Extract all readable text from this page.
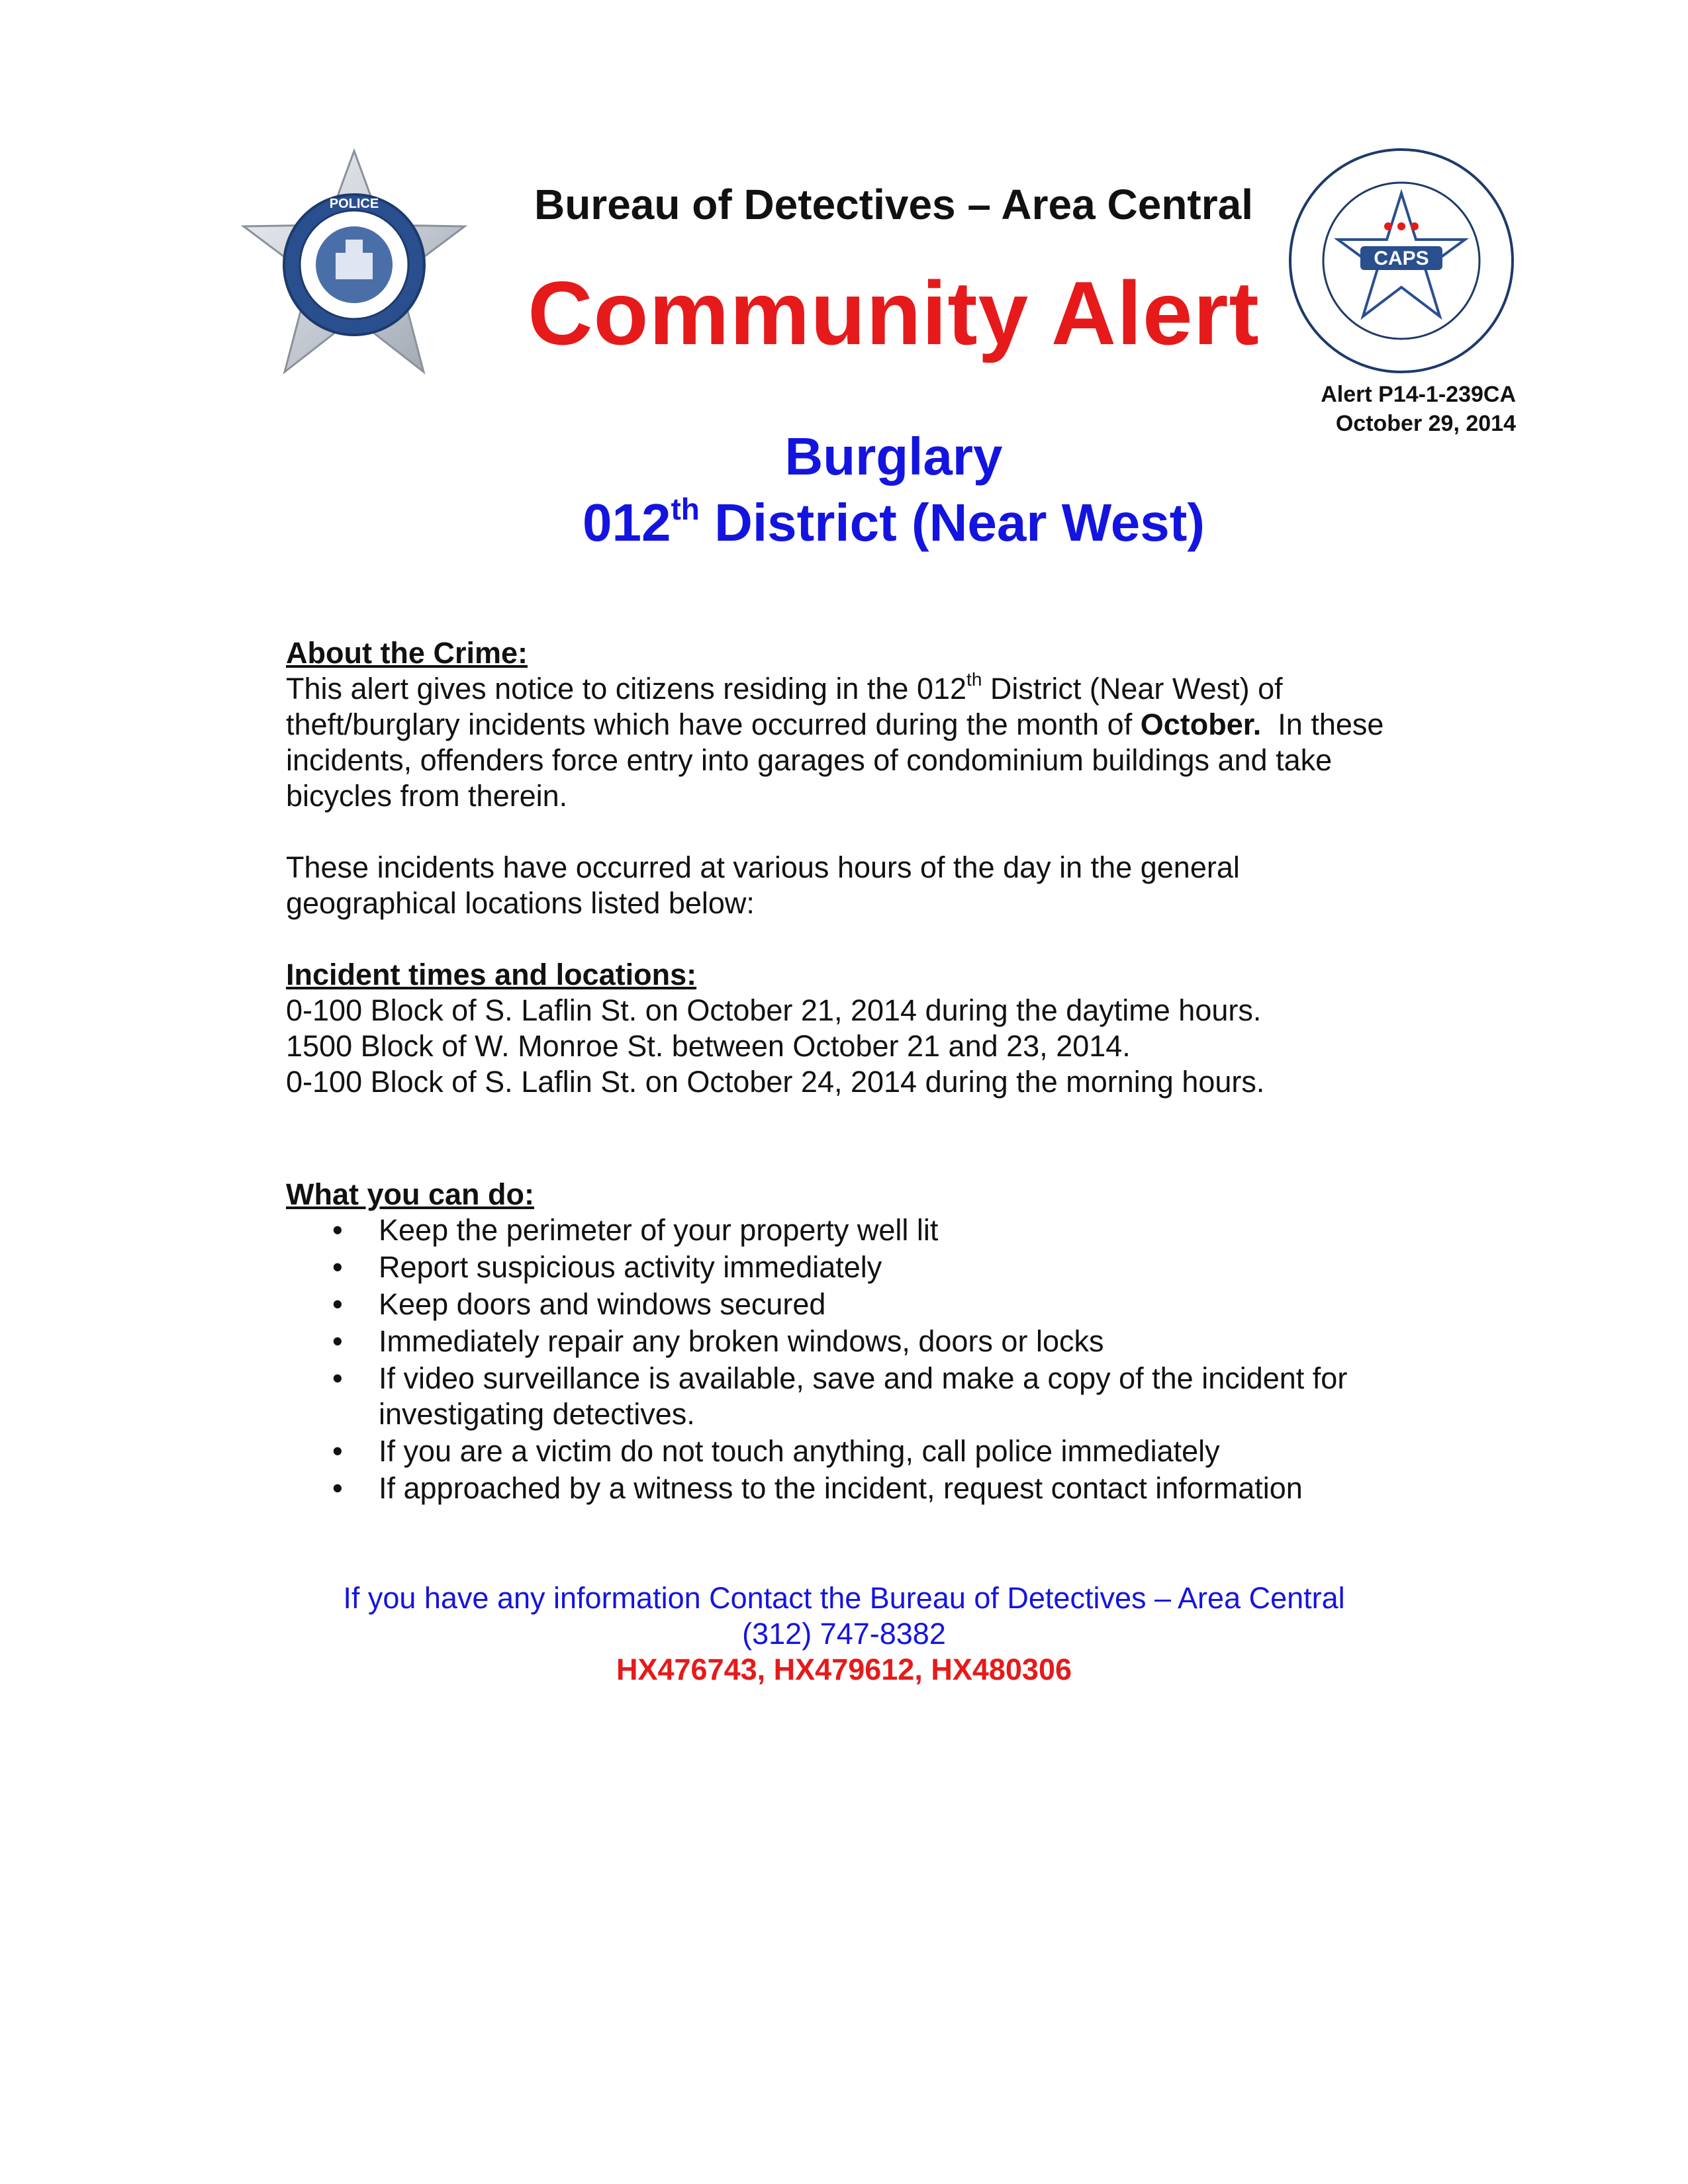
POLICE	Bureau of Detectives – Area Central
Community Alert
CAPS
Alert P14-1-239CA
October 29, 2014
Burglary
012th District (Near West)
About the Crime:

This alert gives notice to citizens residing in the 012th District (Near West) of
theft/burglary incidents which have occurred during the month of October.  In these
incidents, offenders force entry into garages of condominium buildings and take
bicycles from therein.

These incidents have occurred at various hours of the day in the general
geographical locations listed below:

Incident times and locations:
0-100 Block of S. Laflin St. on October 21, 2014 during the daytime hours.
1500 Block of W. Monroe St. between October 21 and 23, 2014.
0-100 Block of S. Laflin St. on October 24, 2014 during the morning hours.
What you can do:
• Keep the perimeter of your property well lit
• Report suspicious activity immediately
• Keep doors and windows secured
• Immediately repair any broken windows, doors or locks
• If video surveillance is available, save and make a copy of the incident for investigating detectives.
• If you are a victim do not touch anything, call police immediately
• If approached by a witness to the incident, request contact information
If you have any information Contact the Bureau of Detectives – Area Central
(312) 747-8382
HX476743, HX479612, HX480306
